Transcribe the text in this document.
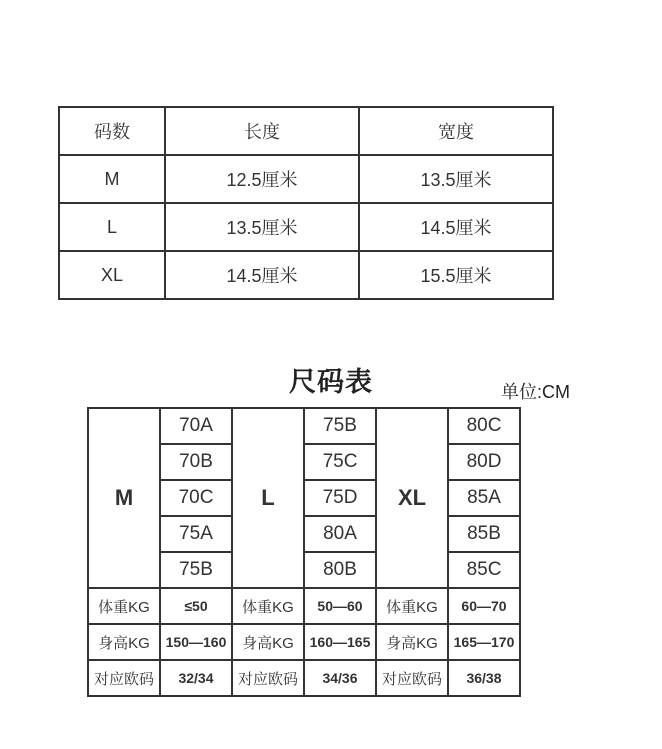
码数	长度	宽度
M	12.5厘米	13.5厘米
L	13.5厘米	14.5厘米
XL	14.5厘米	15.5厘米
尺码表	单位:CM
M	70A	L	75B	XL	80C
	70B		75C		80D
	70C		75D		85A
	75A		80A		85B
	75B		80B		85C
体重KG	≤50	体重KG	50—60	体重KG	60—70
身高KG	150—160	身高KG	160—165	身高KG	165—170
对应欧码	32/34	对应欧码	34/36	对应欧码	36/38
